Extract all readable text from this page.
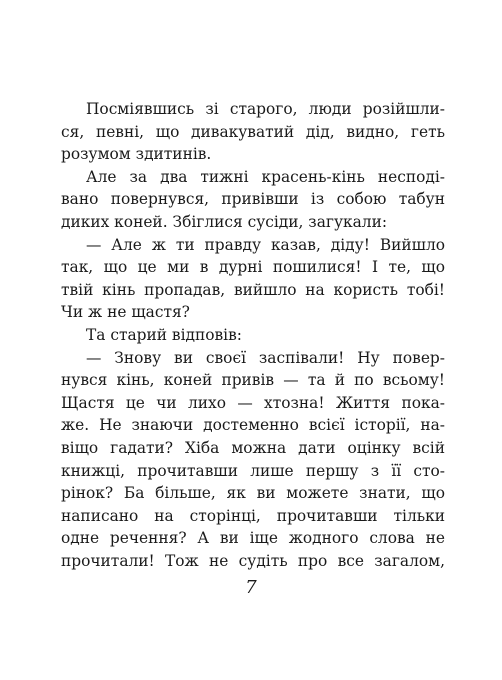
Посміявшись зі старого, люди розійшли-
ся, певні, що дивакуватий дід, видно, геть
розумом здитинів.
Але за два тижні красень-кінь несподі-
вано повернувся, привівши із собою табун
диких коней. Збіглися сусіди, загукали:
— Але ж ти правду казав, діду! Вийшло
так, що це ми в дурні пошилися! І те, що
твій кінь пропадав, вийшло на користь тобі!
Чи ж не щастя?
Та старий відповів:
— Знову ви своєї заспівали! Ну повер-
нувся кінь, коней привів — та й по всьому!
Щастя це чи лихо — хтозна! Життя пока-
же. Не знаючи достеменно всієї історії, на-
віщо гадати? Хіба можна дати оцінку всій
книжці, прочитавши лише першу з її сто-
рінок? Ба більше, як ви можете знати, що
написано на сторінці, прочитавши тільки
одне речення? А ви іще жодного слова не
прочитали! Тож не судіть про все загалом,
7
